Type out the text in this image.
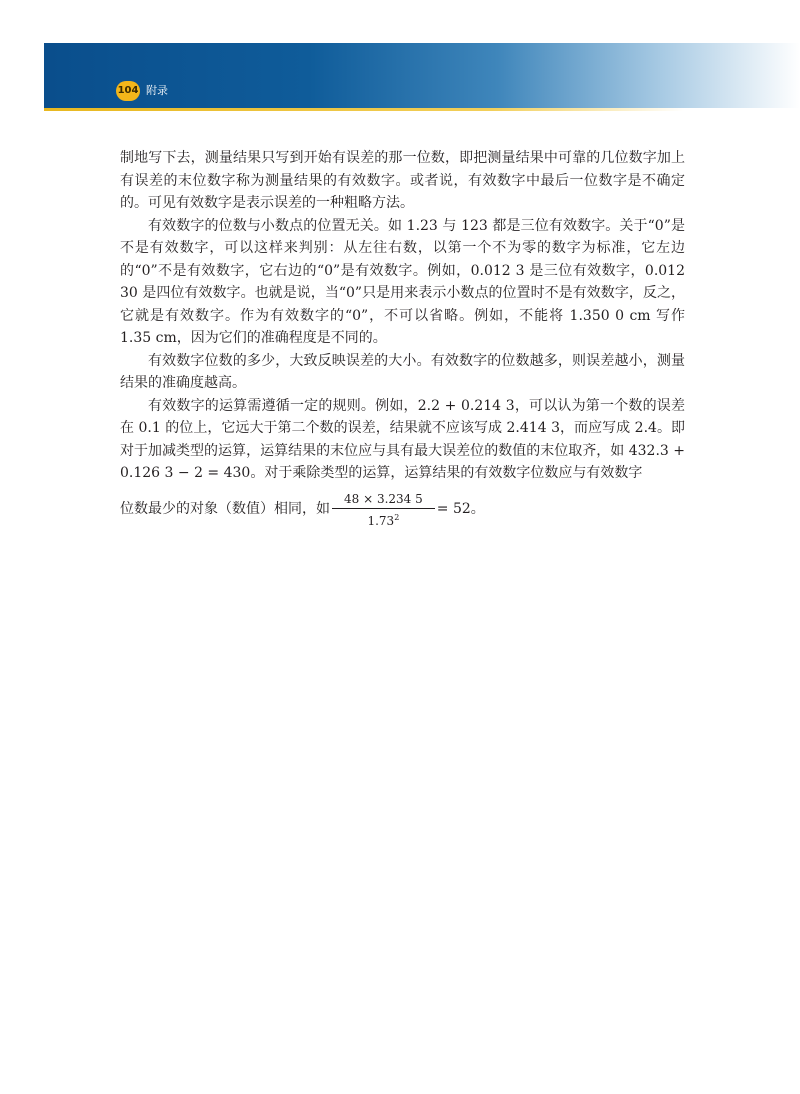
104 附录

制地写下去，测量结果只写到开始有误差的那一位数，即把测量结果中可靠的几位数字加上有误差的末位数字称为测量结果的有效数字。或者说，有效数字中最后一位数字是不确定的。可见有效数字是表示误差的一种粗略方法。

有效数字的位数与小数点的位置无关。如 1.23 与 123 都是三位有效数字。关于“0”是不是有效数字，可以这样来判别：从左往右数，以第一个不为零的数字为标准，它左边的“0”不是有效数字，它右边的“0”是有效数字。例如，0.012 3 是三位有效数字，0.012 30 是四位有效数字。也就是说，当“0”只是用来表示小数点的位置时不是有效数字，反之，它就是有效数字。作为有效数字的“0”，不可以省略。例如，不能将 1.350 0 cm 写作 1.35 cm，因为它们的准确程度是不同的。

有效数字位数的多少，大致反映误差的大小。有效数字的位数越多，则误差越小，测量结果的准确度越高。

有效数字的运算需遵循一定的规则。例如，2.2 + 0.214 3，可以认为第一个数的误差在 0.1 的位上，它远大于第二个数的误差，结果就不应该写成 2.414 3，而应写成 2.4。即对于加减类型的运算，运算结果的末位应与具有最大误差位的数值的末位取齐，如 432.3 + 0.126 3 − 2 = 430。对于乘除类型的运算，运算结果的有效数字位数应与有效数字

位数最少的对象（数值）相同，如 $\frac{48 \times 3.234 5}{1.73^2} = 52$。
